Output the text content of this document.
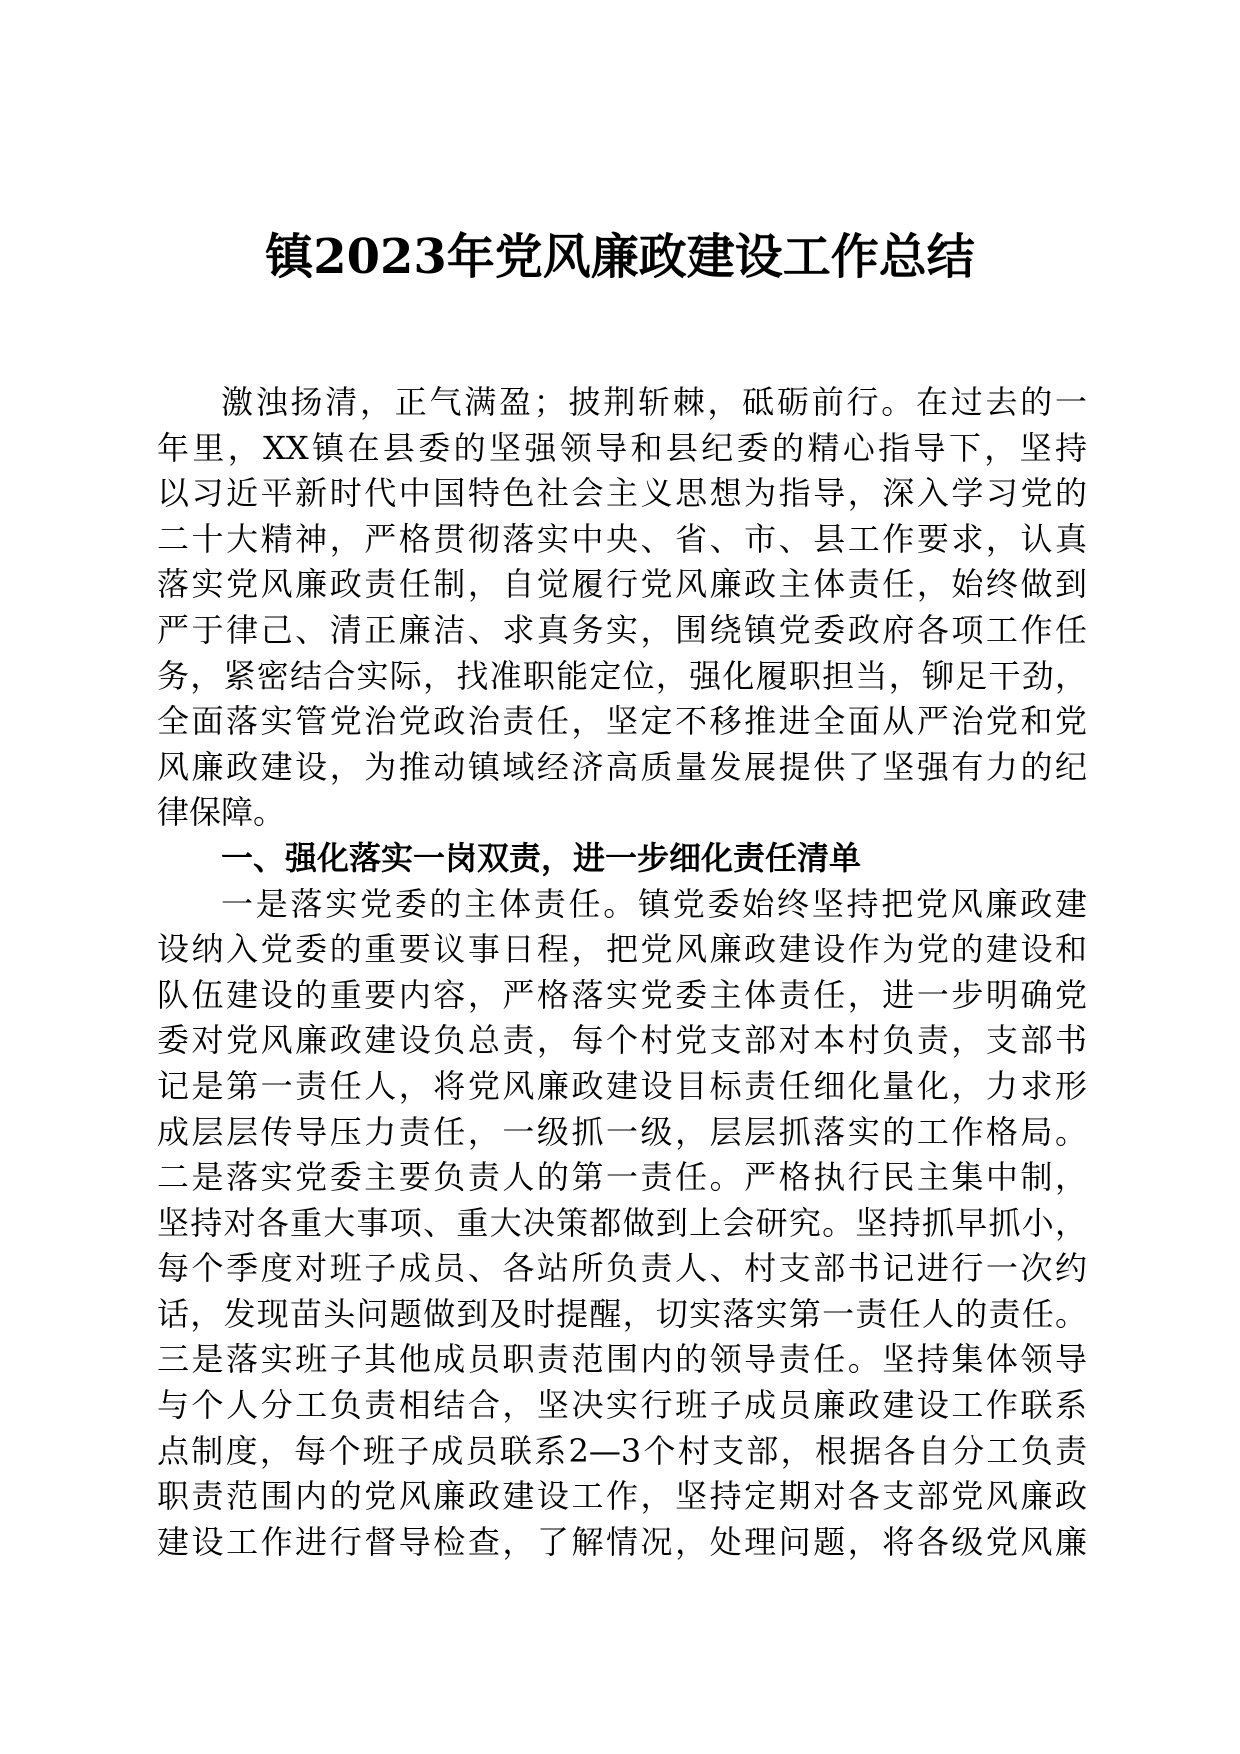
镇2023年党风廉政建设工作总结
激浊扬清，正气满盈；披荆斩棘，砥砺前行。在过去的一
年里，XX镇在县委的坚强领导和县纪委的精心指导下，坚持
以习近平新时代中国特色社会主义思想为指导，深入学习党的
二十大精神，严格贯彻落实中央、省、市、县工作要求，认真
落实党风廉政责任制，自觉履行党风廉政主体责任，始终做到
严于律己、清正廉洁、求真务实，围绕镇党委政府各项工作任
务，紧密结合实际，找准职能定位，强化履职担当，铆足干劲，
全面落实管党治党政治责任，坚定不移推进全面从严治党和党
风廉政建设，为推动镇域经济高质量发展提供了坚强有力的纪
律保障。
一、强化落实一岗双责，进一步细化责任清单
一是落实党委的主体责任。镇党委始终坚持把党风廉政建
设纳入党委的重要议事日程，把党风廉政建设作为党的建设和
队伍建设的重要内容，严格落实党委主体责任，进一步明确党
委对党风廉政建设负总责，每个村党支部对本村负责，支部书
记是第一责任人，将党风廉政建设目标责任细化量化，力求形
成层层传导压力责任，一级抓一级，层层抓落实的工作格局。
二是落实党委主要负责人的第一责任。严格执行民主集中制，
坚持对各重大事项、重大决策都做到上会研究。坚持抓早抓小，
每个季度对班子成员、各站所负责人、村支部书记进行一次约
话，发现苗头问题做到及时提醒，切实落实第一责任人的责任。
三是落实班子其他成员职责范围内的领导责任。坚持集体领导
与个人分工负责相结合，坚决实行班子成员廉政建设工作联系
点制度，每个班子成员联系2—3个村支部，根据各自分工负责
职责范围内的党风廉政建设工作，坚持定期对各支部党风廉政
建设工作进行督导检查，了解情况，处理问题，将各级党风廉
